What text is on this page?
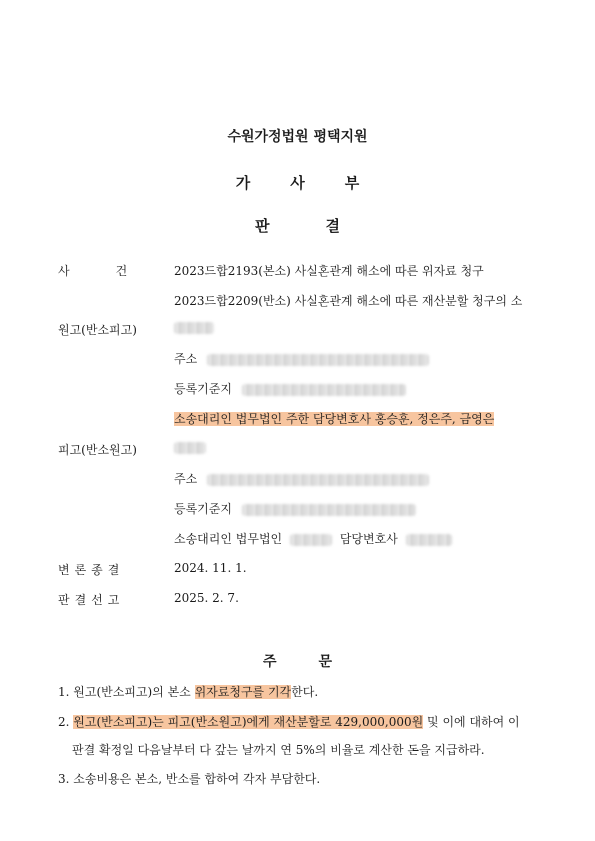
수원가정법원 평택지원
가사부
판결
사건 2023드합2193(본소) 사실혼관계 해소에 따른 위자료 청구
2023드합2209(반소) 사실혼관계 해소에 따른 재산분할 청구의 소
원고(반소피고)
주소
등록기준지
소송대리인 법무법인 주한 담당변호사 홍승훈, 정은주, 금영은
피고(반소원고)
주소
등록기준지
소송대리인 법무법인	담당변호사
변론종결	2024. 11. 1.
판결선고	2025. 2. 7.
주문
1. 원고(반소피고)의 본소 위자료청구를 기각한다.
2. 원고(반소피고)는 피고(반소원고)에게 재산분할로 429,000,000원 및 이에 대하여 이
판결 확정일 다음날부터 다 갚는 날까지 연 5%의 비율로 계산한 돈을 지급하라.
3. 소송비용은 본소, 반소를 합하여 각자 부담한다.
